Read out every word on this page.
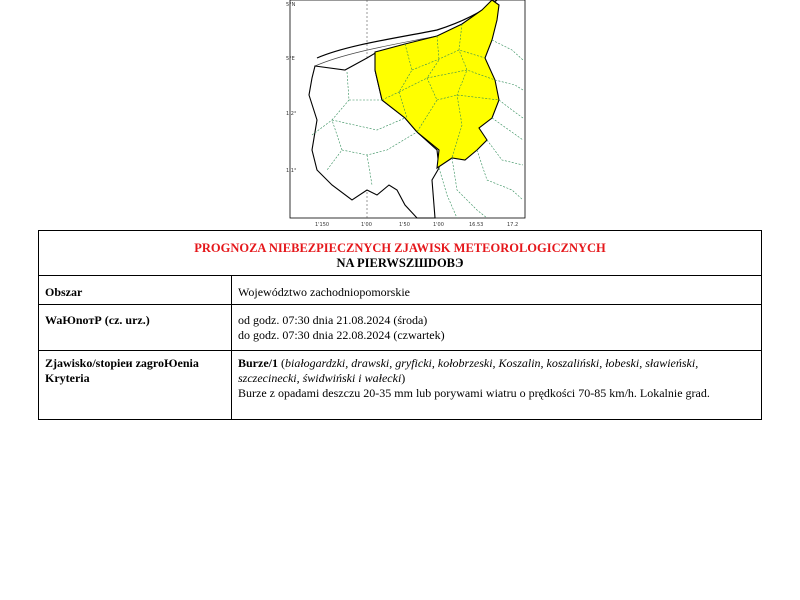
5°N
5°E
1 2°
1 1°
1'150	1'00	1'50	1'00	16.53	17.2
PROGNOZA NIEBEZPIECZNYCH ZJAWISK METEOROLOGICZNYCH
NA PIERWSZШDOBЭ	

Obszar	Województwo zachodniopomorskie
WaЮnoтР (cz. urz.)	od godz. 07:30 dnia 21.08.2024 (środa)
do godz. 07:30 dnia 22.08.2024 (czwartek)

Zjawisko/stopieи zagroЮenia
Kryteria	Burze/1 (białogardzki, drawski, gryficki, kołobrzeski, Koszalin, koszaliński, łobeski, sławieński, szczecinecki, świdwiński i wałecki)
Burze z opadami deszczu 20-35 mm lub porywami wiatru o prędkości 70-85 km/h. Lokalnie grad.
